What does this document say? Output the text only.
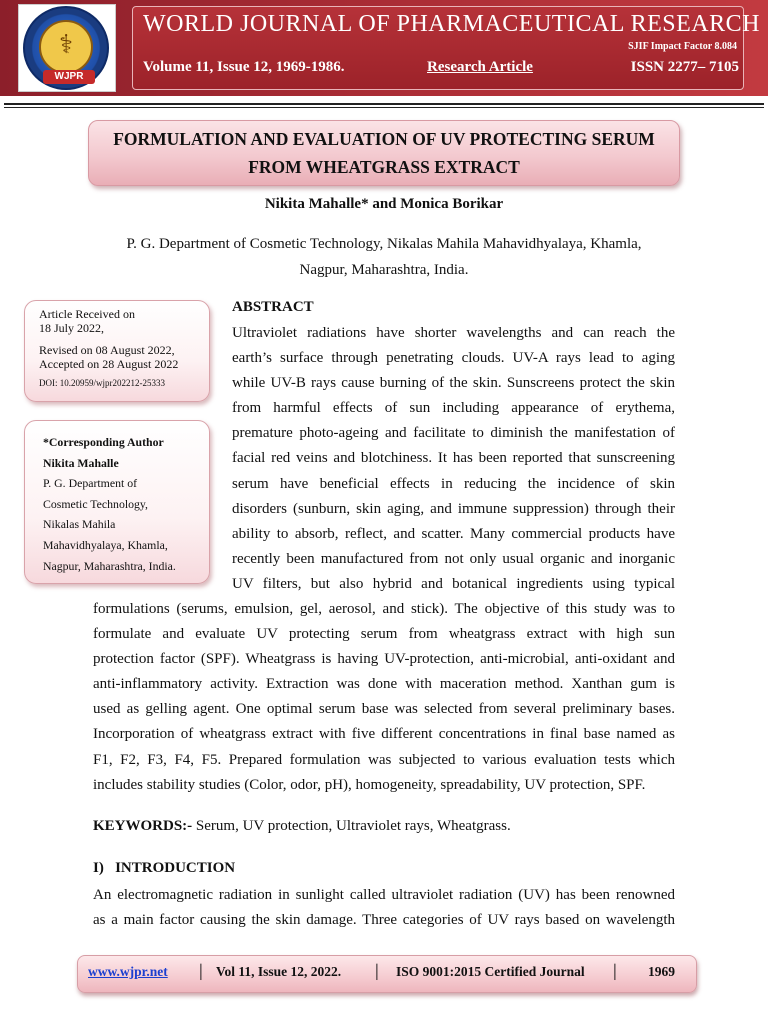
⚕
WJPR
WORLD JOURNAL OF PHARMACEUTICAL RESEARCH
SJIF Impact Factor 8.084
Volume 11, Issue 12, 1969-1986.	Research Article	ISSN 2277– 7105
FORMULATION AND EVALUATION OF UV PROTECTING SERUM
FROM WHEATGRASS EXTRACT
Nikita Mahalle* and Monica Borikar
P. G. Department of Cosmetic Technology, Nikalas Mahila Mahavidhyalaya, Khamla,
Nagpur, Maharashtra, India.
Article Received on
18 July 2022,
Revised on 08 August 2022,
Accepted on 28 August 2022
DOI: 10.20959/wjpr202212-25333
*Corresponding Author
Nikita Mahalle
P. G. Department of
Cosmetic Technology,
Nikalas Mahila
Mahavidhyalaya, Khamla,
Nagpur, Maharashtra, India.
ABSTRACT
Ultraviolet radiations have shorter wavelengths and can reach the
earth’s surface through penetrating clouds. UV-A rays lead to aging
while UV-B rays cause burning of the skin. Sunscreens protect the skin
from harmful effects of sun including appearance of erythema,
premature photo-ageing and facilitate to diminish the manifestation of
facial red veins and blotchiness. It has been reported that sunscreening
serum have beneficial effects in reducing the incidence of skin
disorders (sunburn, skin aging, and immune suppression) through their
ability to absorb, reflect, and scatter. Many commercial products have
recently been manufactured from not only usual organic and inorganic
UV filters, but also hybrid and botanical ingredients using typical
formulations (serums, emulsion, gel, aerosol, and stick). The objective of this study was to
formulate and evaluate UV protecting serum from wheatgrass extract with high sun
protection factor (SPF). Wheatgrass is having UV-protection, anti-microbial, anti-oxidant and
anti-inflammatory activity. Extraction was done with maceration method. Xanthan gum is
used as gelling agent. One optimal serum base was selected from several preliminary bases.
Incorporation of wheatgrass extract with five different concentrations in final base named as
F1, F2, F3, F4, F5. Prepared formulation was subjected to various evaluation tests which
includes stability studies (Color, odor, pH), homogeneity, spreadability, UV protection, SPF.
KEYWORDS:- Serum, UV protection, Ultraviolet rays, Wheatgrass.
I)   INTRODUCTION
An electromagnetic radiation in sunlight called ultraviolet radiation (UV) has been renowned
as a main factor causing the skin damage. Three categories of UV rays based on wavelength
www.wjpr.net │ Vol 11, Issue 12, 2022. │ ISO 9001:2015 Certified Journal │ 1969
